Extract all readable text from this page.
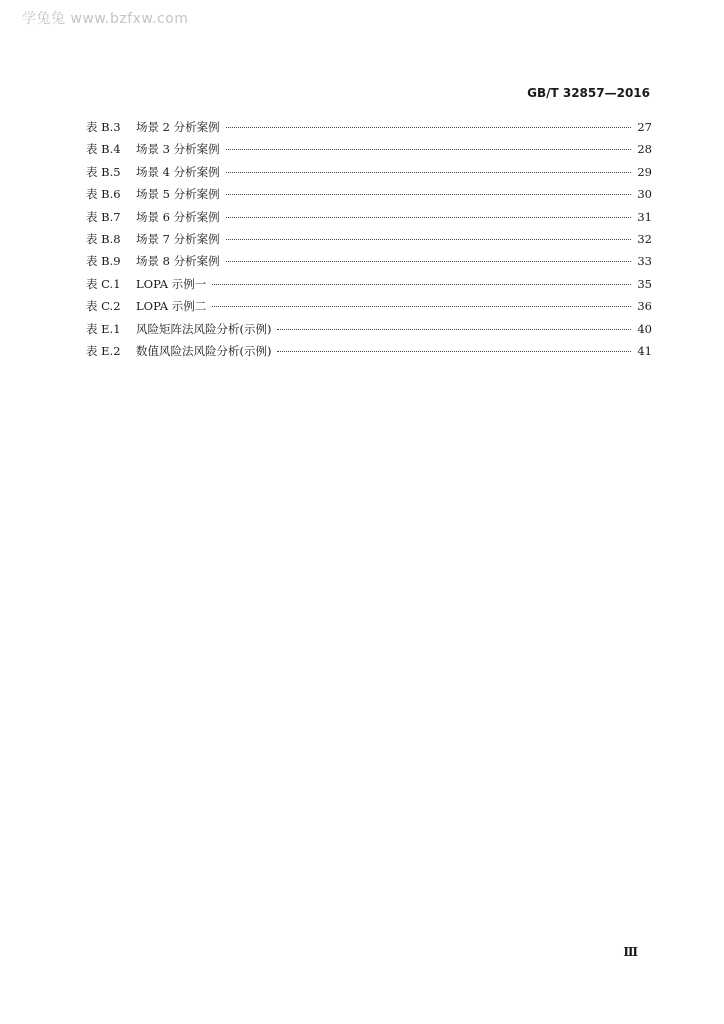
学兔兔 www.bzfxw.com
GB/T 32857—2016
表 B.3	场景 2 分析案例	27
表 B.4	场景 3 分析案例	28
表 B.5	场景 4 分析案例	29
表 B.6	场景 5 分析案例	30
表 B.7	场景 6 分析案例	31
表 B.8	场景 7 分析案例	32
表 B.9	场景 8 分析案例	33
表 C.1	LOPA 示例一	35
表 C.2	LOPA 示例二	36
表 E.1	风险矩阵法风险分析(示例)	40
表 E.2	数值风险法风险分析(示例)	41
Ⅲ
